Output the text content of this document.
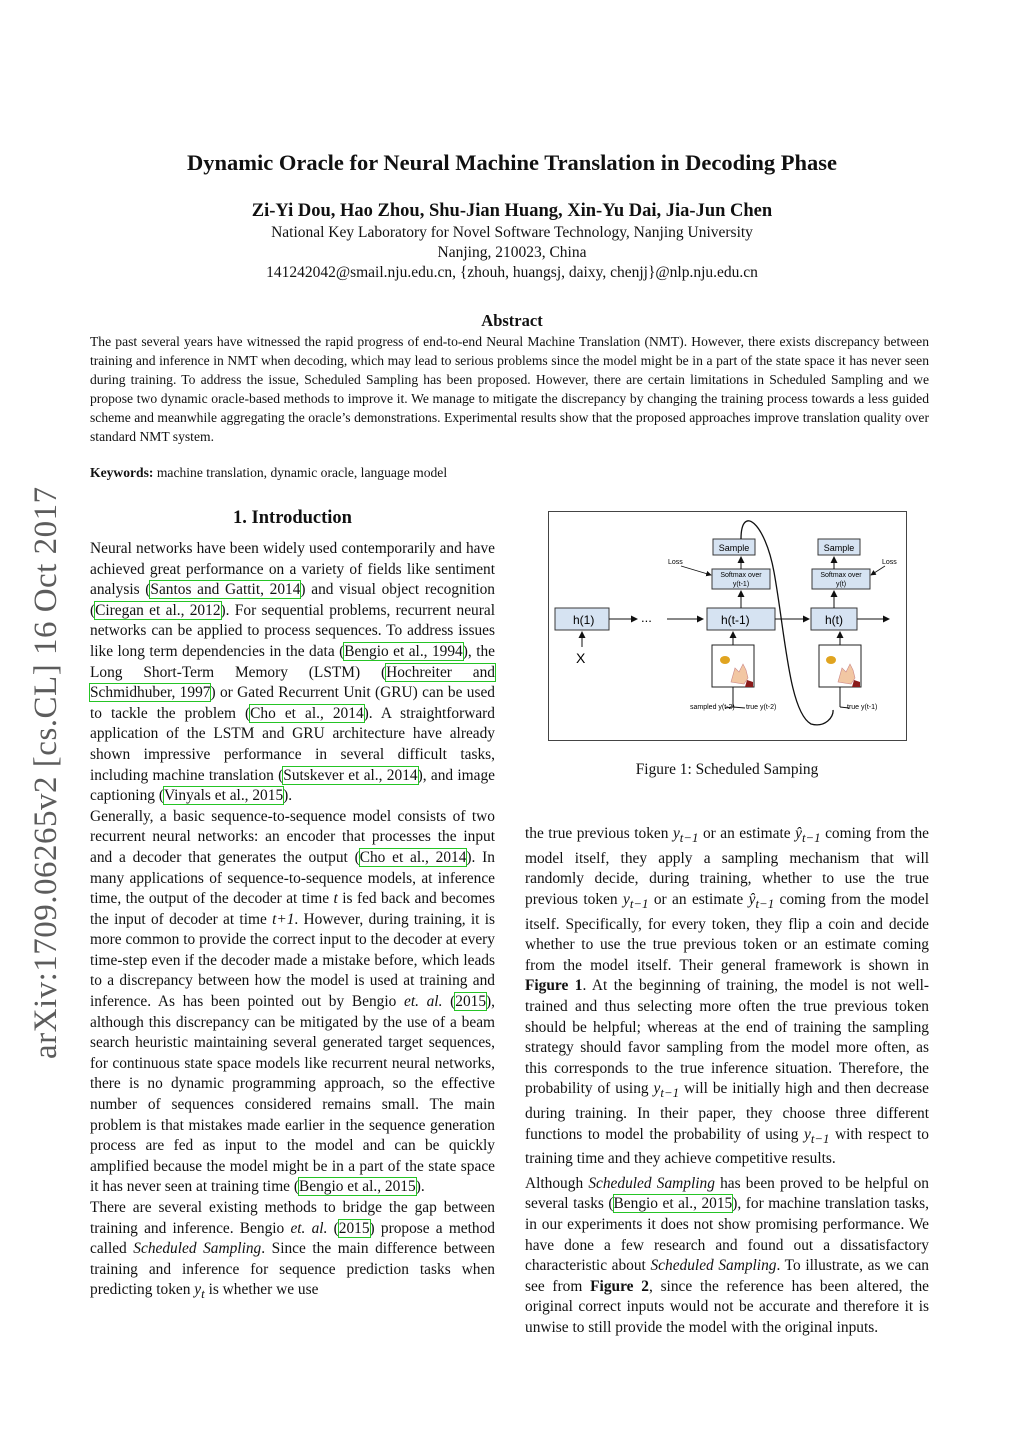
Dynamic Oracle for Neural Machine Translation in Decoding Phase
Zi-Yi Dou, Hao Zhou, Shu-Jian Huang, Xin-Yu Dai, Jia-Jun Chen
National Key Laboratory for Novel Software Technology, Nanjing University
Nanjing, 210023, China
141242042@smail.nju.edu.cn, {zhouh, huangsj, daixy, chenjj}@nlp.nju.edu.cn
arXiv:1709.06265v2 [cs.CL] 16 Oct 2017
Abstract
The past several years have witnessed the rapid progress of end-to-end Neural Machine Translation (NMT). However, there exists discrepancy between training and inference in NMT when decoding, which may lead to serious problems since the model might be in a part of the state space it has never seen during training. To address the issue, Scheduled Sampling has been proposed. However, there are certain limitations in Scheduled Sampling and we propose two dynamic oracle-based methods to improve it. We manage to mitigate the discrepancy by changing the training process towards a less guided scheme and meanwhile aggregating the oracle’s demonstrations. Experimental results show that the proposed approaches improve translation quality over standard NMT system.
Keywords: machine translation, dynamic oracle, language model
1. Introduction

Neural networks have been widely used contemporarily and have achieved great performance on a variety of fields like sentiment analysis (Santos and Gattit, 2014) and visual object recognition (Ciregan et al., 2012). For sequential problems, recurrent neural networks can be applied to process sequences. To address issues like long term dependencies in the data (Bengio et al., 1994), the Long Short-Term Memory (LSTM) (Hochreiter and Schmidhuber, 1997) or Gated Recurrent Unit (GRU) can be used to tackle the problem (Cho et al., 2014). A straightforward application of the LSTM and GRU architecture have already shown impressive performance in several difficult tasks, including machine translation (Sutskever et al., 2014), and image captioning (Vinyals et al., 2015).

Generally, a basic sequence-to-sequence model consists of two recurrent neural networks: an encoder that processes the input and a decoder that generates the output (Cho et al., 2014). In many applications of sequence-to-sequence models, at inference time, the output of the decoder at time t is fed back and becomes the input of decoder at time t+1. However, during training, it is more common to provide the correct input to the decoder at every time-step even if the decoder made a mistake before, which leads to a discrepancy between how the model is used at training and inference. As has been pointed out by Bengio et. al. (2015), although this discrepancy can be mitigated by the use of a beam search heuristic maintaining several generated target sequences, for continuous state space models like recurrent neural networks, there is no dynamic programming approach, so the effective number of sequences considered remains small. The main problem is that mistakes made earlier in the sequence generation process are fed as input to the model and can be quickly amplified because the model might be in a part of the state space it has never seen at training time (Bengio et al., 2015).

There are several existing methods to bridge the gap between training and inference. Bengio et. al. (2015) propose a method called Scheduled Sampling. Since the main difference between training and inference for sequence prediction tasks when predicting token $y_t$ is whether we use

h(1)
X
...	h(t-1)	h(t)
Softmax over
y(t-1)
Sample
Softmax over
y(t)
Sample
Loss	Loss
sampled y(t-2) true y(t-2)	true y(t-1)
Figure 1: Scheduled Samping

the true previous token $y_{t-1}$ or an estimate $ŷ_{t-1}$ coming from the model itself, they apply a sampling mechanism that will randomly decide, during training, whether to use the true previous token $y_{t-1}$ or an estimate $ŷ_{t-1}$ coming from the model itself. Specifically, for every token, they flip a coin and decide whether to use the true previous token or an estimate coming from the model itself. Their general framework is shown in Figure 1. At the beginning of training, the model is not well-trained and thus selecting more often the true previous token should be helpful; whereas at the end of training the sampling strategy should favor sampling from the model more often, as this corresponds to the true inference situation. Therefore, the probability of using $y_{t-1}$ will be initially high and then decrease during training. In their paper, they choose three different functions to model the probability of using $y_{t-1}$ with respect to training time and they achieve competitive results.

Although Scheduled Sampling has been proved to be helpful on several tasks (Bengio et al., 2015), for machine translation tasks, in our experiments it does not show promising performance. We have done a few research and found out a dissatisfactory characteristic about Scheduled Sampling. To illustrate, as we can see from Figure 2, since the reference has been altered, the original correct inputs would not be accurate and therefore it is unwise to still provide the model with the original inputs.
